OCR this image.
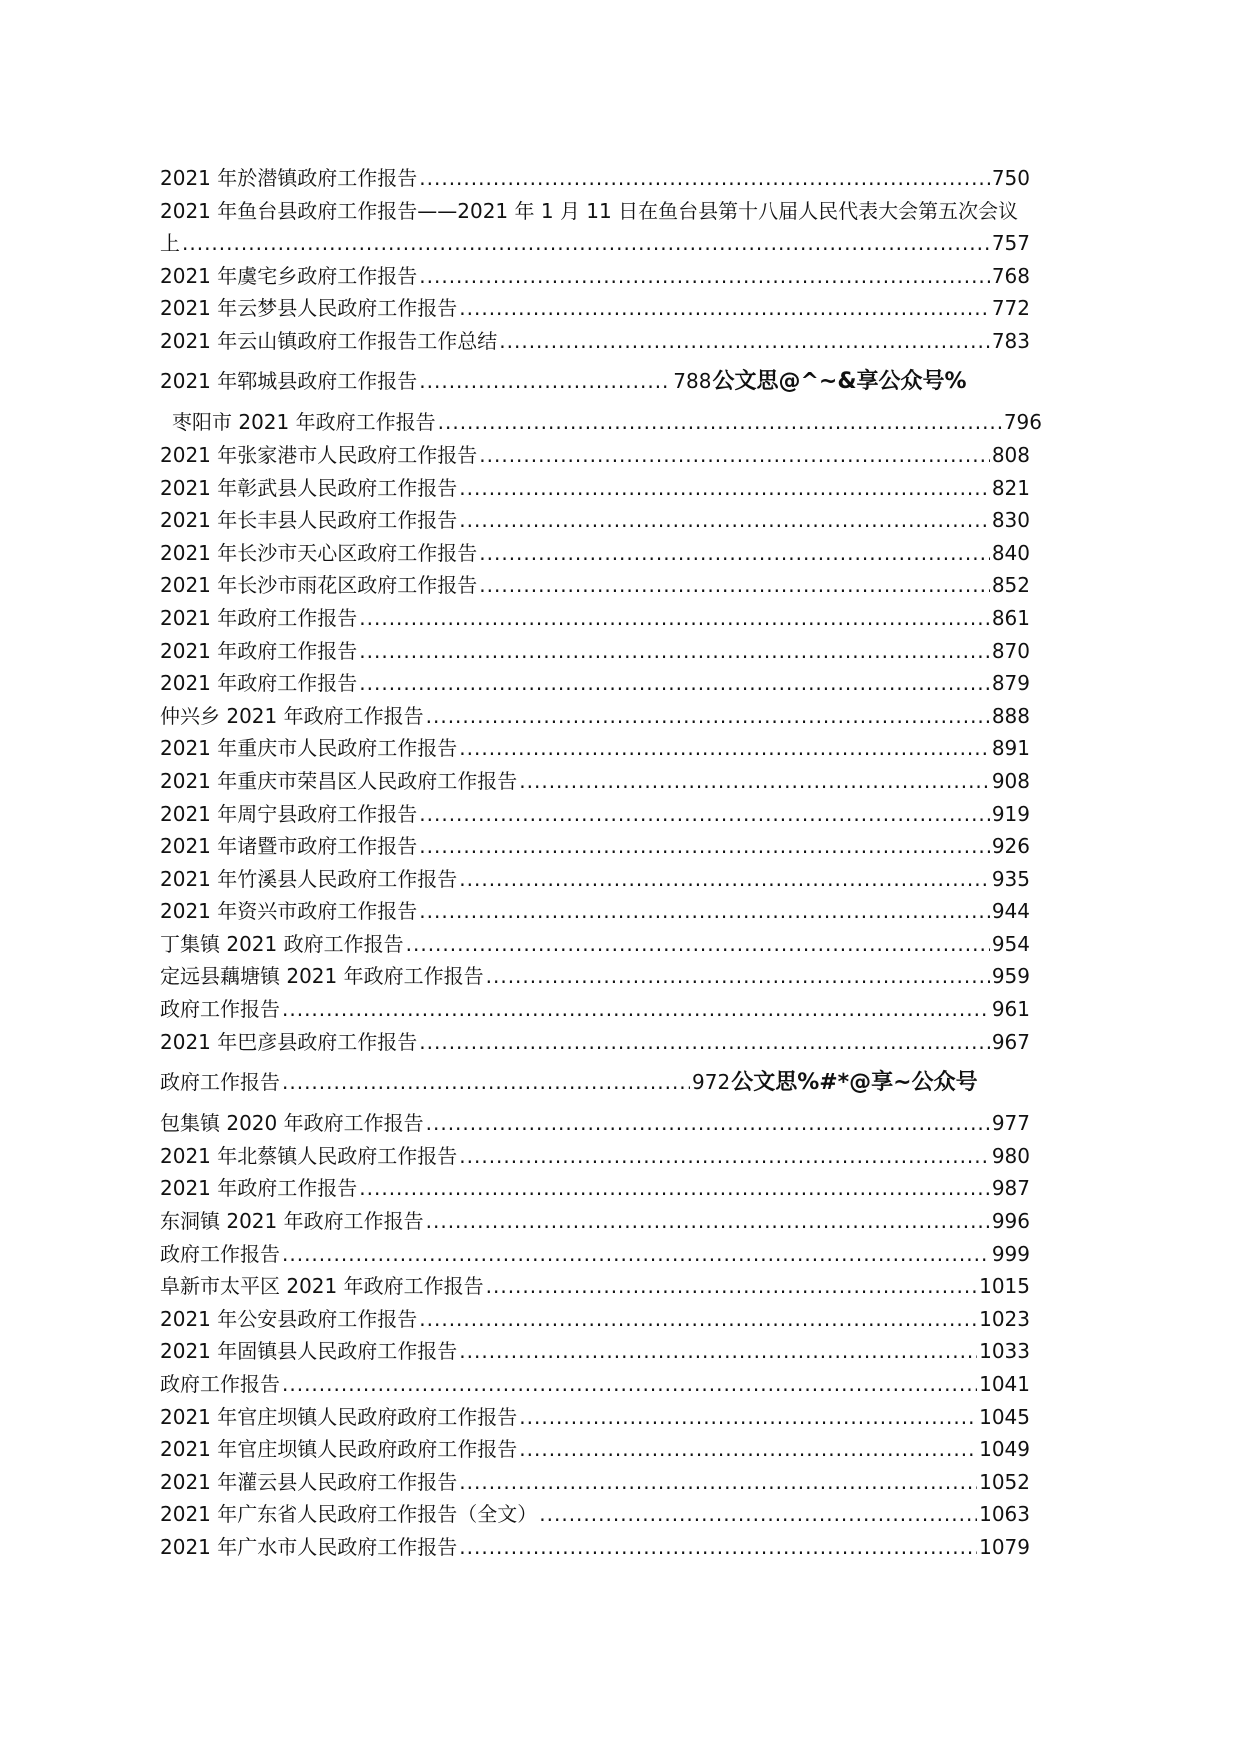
2021 年於潜镇政府工作报告 .....	750
2021 年鱼台县政府工作报告——2021 年 1 月 11 日在鱼台县第十八届人民代表大会第五次会议
上 .....	757
2021 年虞宅乡政府工作报告 .....	768
2021 年云梦县人民政府工作报告 .....	772
2021 年云山镇政府工作报告工作总结 .....	783
2021 年郓城县政府工作报告 .....	788 公文思@^~&享公众号%
枣阳市 2021 年政府工作报告 .....	796
2021 年张家港市人民政府工作报告 .....	808
2021 年彰武县人民政府工作报告 .....	821
2021 年长丰县人民政府工作报告 .....	830
2021 年长沙市天心区政府工作报告 .....	840
2021 年长沙市雨花区政府工作报告 .....	852
2021 年政府工作报告 .....	861
2021 年政府工作报告 .....	870
2021 年政府工作报告 .....	879
仲兴乡 2021 年政府工作报告 .....	888
2021 年重庆市人民政府工作报告 .....	891
2021 年重庆市荣昌区人民政府工作报告 .....	908
2021 年周宁县政府工作报告 .....	919
2021 年诸暨市政府工作报告 .....	926
2021 年竹溪县人民政府工作报告 .....	935
2021 年资兴市政府工作报告 .....	944
丁集镇 2021 政府工作报告 .....	954
定远县藕塘镇 2021 年政府工作报告 .....	959
政府工作报告 .....	961
2021 年巴彦县政府工作报告 .....	967
政府工作报告 .....	972 公文思%#*@享~公众号
包集镇 2020 年政府工作报告 .....	977
2021 年北蔡镇人民政府工作报告 .....	980
2021 年政府工作报告 .....	987
东洞镇 2021 年政府工作报告 .....	996
政府工作报告 .....	999
阜新市太平区 2021 年政府工作报告 .....	1015
2021 年公安县政府工作报告 .....	1023
2021 年固镇县人民政府工作报告 .....	1033
政府工作报告 .....	1041
2021 年官庄坝镇人民政府政府工作报告 .....	1045
2021 年官庄坝镇人民政府政府工作报告 .....	1049
2021 年灌云县人民政府工作报告 .....	1052
2021 年广东省人民政府工作报告（全文） .....	1063
2021 年广水市人民政府工作报告 .....	1079
